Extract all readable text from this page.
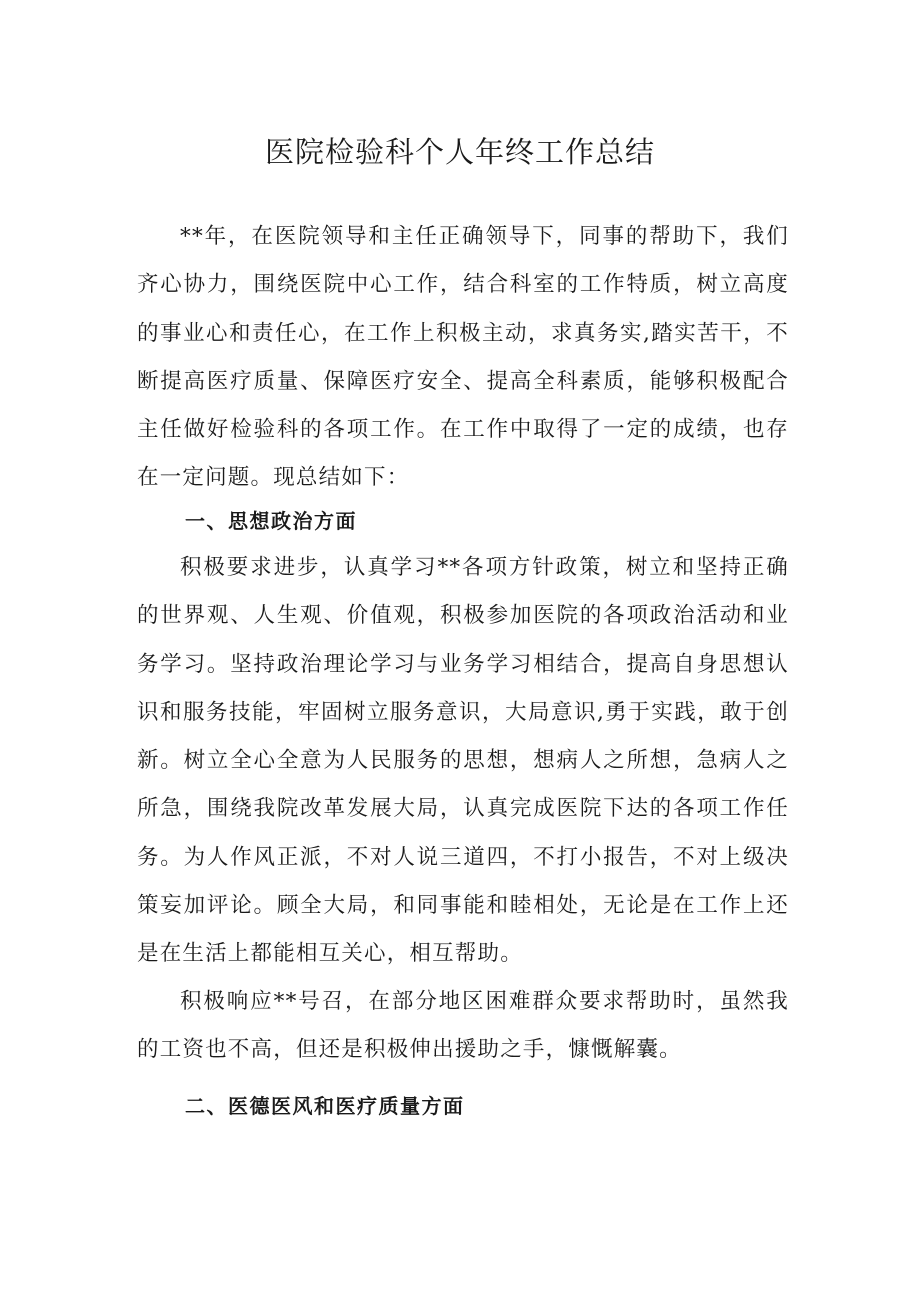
医院检验科个人年终工作总结

**年，在医院领导和主任正确领导下，同事的帮助下，我们齐心协力，围绕医院中心工作，结合科室的工作特质，树立高度的事业心和责任心，在工作上积极主动，求真务实,踏实苦干，不断提高医疗质量、保障医疗安全、提高全科素质，能够积极配合主任做好检验科的各项工作。在工作中取得了一定的成绩，也存在一定问题。现总结如下：

一、思想政治方面

积极要求进步，认真学习**各项方针政策，树立和坚持正确的世界观、人生观、价值观，积极参加医院的各项政治活动和业务学习。坚持政治理论学习与业务学习相结合，提高自身思想认识和服务技能，牢固树立服务意识，大局意识,勇于实践，敢于创新。树立全心全意为人民服务的思想，想病人之所想，急病人之所急，围绕我院改革发展大局，认真完成医院下达的各项工作任务。为人作风正派，不对人说三道四，不打小报告，不对上级决策妄加评论。顾全大局，和同事能和睦相处，无论是在工作上还是在生活上都能相互关心，相互帮助。

积极响应**号召，在部分地区困难群众要求帮助时，虽然我的工资也不高，但还是积极伸出援助之手，慷慨解囊。

二、医德医风和医疗质量方面
